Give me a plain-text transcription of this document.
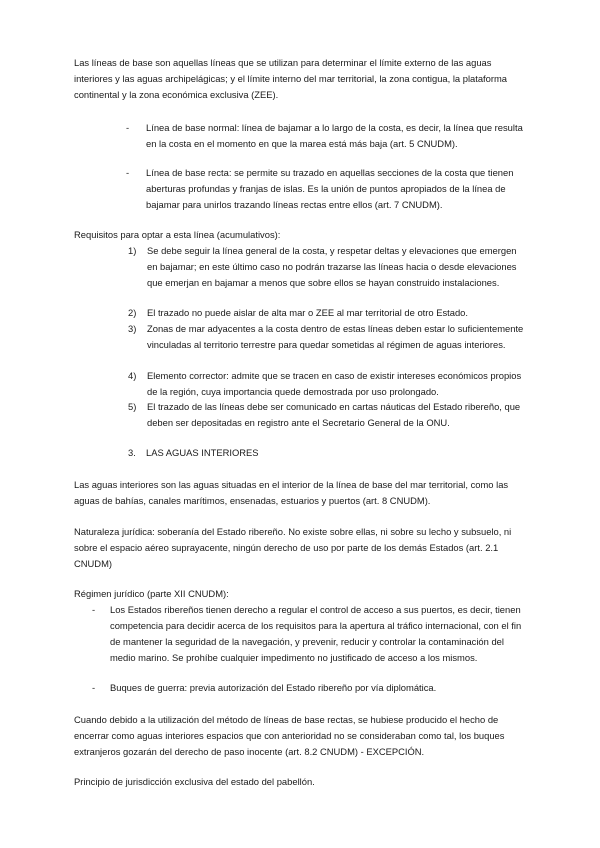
Las líneas de base son aquellas líneas que se utilizan para determinar el límite externo de las aguas interiores y las aguas archipelágicas; y el límite interno del mar territorial, la zona contigua, la plataforma continental y la zona económica exclusiva (ZEE).

- Línea de base normal: línea de bajamar a lo largo de la costa, es decir, la línea que resulta en la costa en el momento en que la marea está más baja (art. 5 CNUDM).
- Línea de base recta: se permite su trazado en aquellas secciones de la costa que tienen aberturas profundas y franjas de islas. Es la unión de puntos apropiados de la línea de bajamar para unirlos trazando líneas rectas entre ellos (art. 7 CNUDM).

Requisitos para optar a esta línea (acumulativos):

1) Se debe seguir la línea general de la costa, y respetar deltas y elevaciones que emergen en bajamar; en este último caso no podrán trazarse las líneas hacia o desde elevaciones que emerjan en bajamar a menos que sobre ellos se hayan construido instalaciones.
2) El trazado no puede aislar de alta mar o ZEE al mar territorial de otro Estado.
3) Zonas de mar adyacentes a la costa dentro de estas líneas deben estar lo suficientemente vinculadas al territorio terrestre para quedar sometidas al régimen de aguas interiores.
4) Elemento corrector: admite que se tracen en caso de existir intereses económicos propios de la región, cuya importancia quede demostrada por uso prolongado.
5) El trazado de las líneas debe ser comunicado en cartas náuticas del Estado ribereño, que deben ser depositadas en registro ante el Secretario General de la ONU.
3. LAS AGUAS INTERIORES

Las aguas interiores son las aguas situadas en el interior de la línea de base del mar territorial, como las aguas de bahías, canales marítimos, ensenadas, estuarios y puertos (art. 8 CNUDM).

Naturaleza jurídica: soberanía del Estado ribereño. No existe sobre ellas, ni sobre su lecho y subsuelo, ni sobre el espacio aéreo suprayacente, ningún derecho de uso por parte de los demás Estados (art. 2.1 CNUDM)

Régimen jurídico (parte XII CNUDM):

- Los Estados ribereños tienen derecho a regular el control de acceso a sus puertos, es decir, tienen competencia para decidir acerca de los requisitos para la apertura al tráfico internacional, con el fin de mantener la seguridad de la navegación, y prevenir, reducir y controlar la contaminación del medio marino. Se prohíbe cualquier impedimento no justificado de acceso a los mismos.
- Buques de guerra: previa autorización del Estado ribereño por vía diplomática.

Cuando debido a la utilización del método de líneas de base rectas, se hubiese producido el hecho de encerrar como aguas interiores espacios que con anterioridad no se consideraban como tal, los buques extranjeros gozarán del derecho de paso inocente (art. 8.2 CNUDM) - EXCEPCIÓN.

Principio de jurisdicción exclusiva del estado del pabellón.
